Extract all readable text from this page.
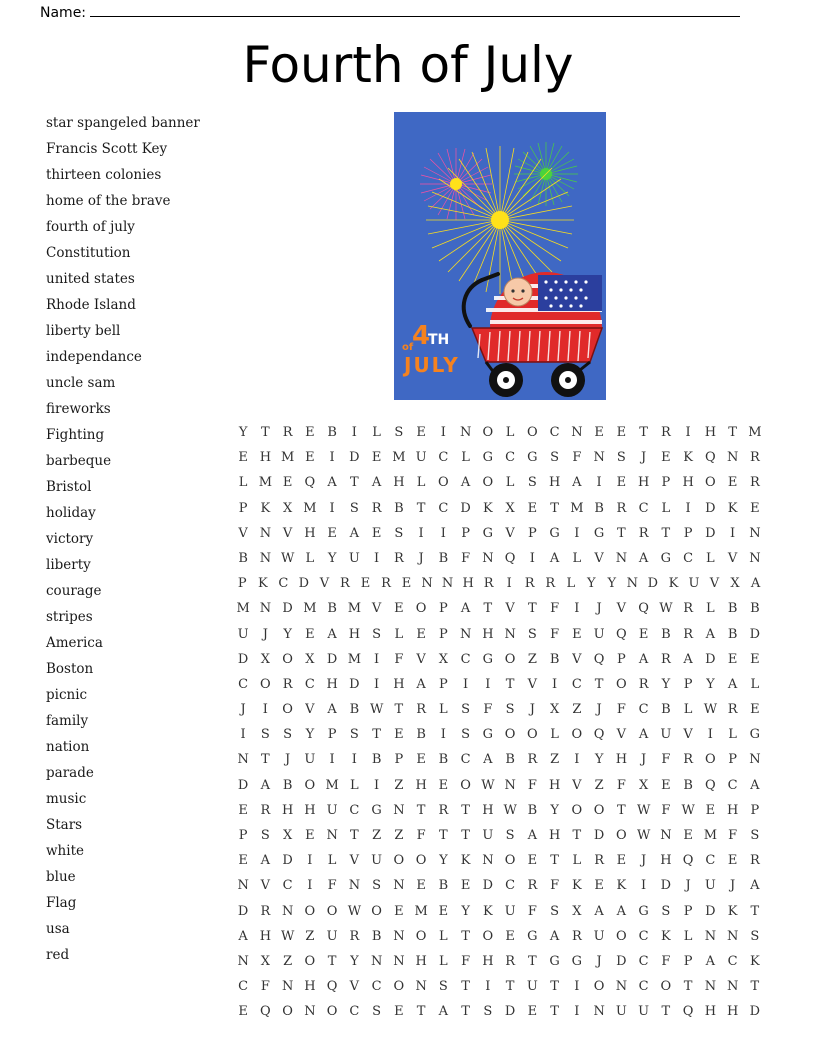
Name:
Fourth of July
star spangeled banner
Francis Scott Key
thirteen colonies
home of the brave
fourth of july
Constitution
united states
Rhode Island
liberty bell
independance
uncle sam
fireworks
Fighting
barbeque
Bristol
holiday
victory
liberty
courage
stripes
America
Boston
picnic
family
nation
parade
music
Stars
white
blue
Flag
usa
red
4
TH
of
JULY
Y	T	R E B	I	L	S	E	I	N O L O C N E E	T	R	I	H T M
E H M E	I	D E M U C L G C G S	F N S	J	E K Q N R
L M E Q A	T	A H L O A O L	S H A	I	E H P H O E R
P	K X M	I	S R B	T C D K X E	T M B R C L	I	D K E
V N V H E A E	S	I	I	P G V	P G	I	G T	R	T	P D	I	N
B N W L	Y U	I	R	J	B F N Q	I	A	L	V N A G C L	V N
P K C D V R E R E N N H R	I	R R L Y Y N D K U V X A
M N D M B M V E O P	A	T	V	T	F	I	J	V Q W R	L	B B
U	J	Y	E A H S	L	E	P N H N S	F E U Q E B R A B D
D X O X D M	I	F	V X C G O Z B V Q P	A R A D E E
C O R C H D	I	H A	P	I	I	T	V	I	C T O R	Y	P	Y	A	L
J	I	O V A B W T	R	L	S	F	S	J	X	Z	J	F C B	L W R E
I	S	S	Y	P	S	T	E B	I	S G O O L O Q V A U V	I	L G
N T	J	U	I	I	B	P	E B C A B R Z	I	Y H	J	F R O P N
D A B O M L	I	Z H E O W N F H V	Z	F	X E B Q C A
E R H H U C G N T	R	T H W B	Y O O T W F W E H P
P	S	X E N T	Z	Z	F	T	T U S	A H T D O W N E M F	S
E A D	I	L	V U O O Y	K N O E	T	L	R E	J	H Q C E R
N V C	I	F N S N E B E D C R F K E K	I	D	J	U	J	A
D R N O O W O E M E	Y	K U F	S	X A A G S	P D K	T
A H W Z U R B N O L	T O E G A R U O C K	L N N S
N X	Z O T	Y N N H L	F H R	T G G	J	D C F	P	A C K
C F N H Q V C O N S	T	I	T U T	I	O N C O T N N T
E Q O N O C S	E	T	A	T	S D E	T	I	N U U T Q H H D
